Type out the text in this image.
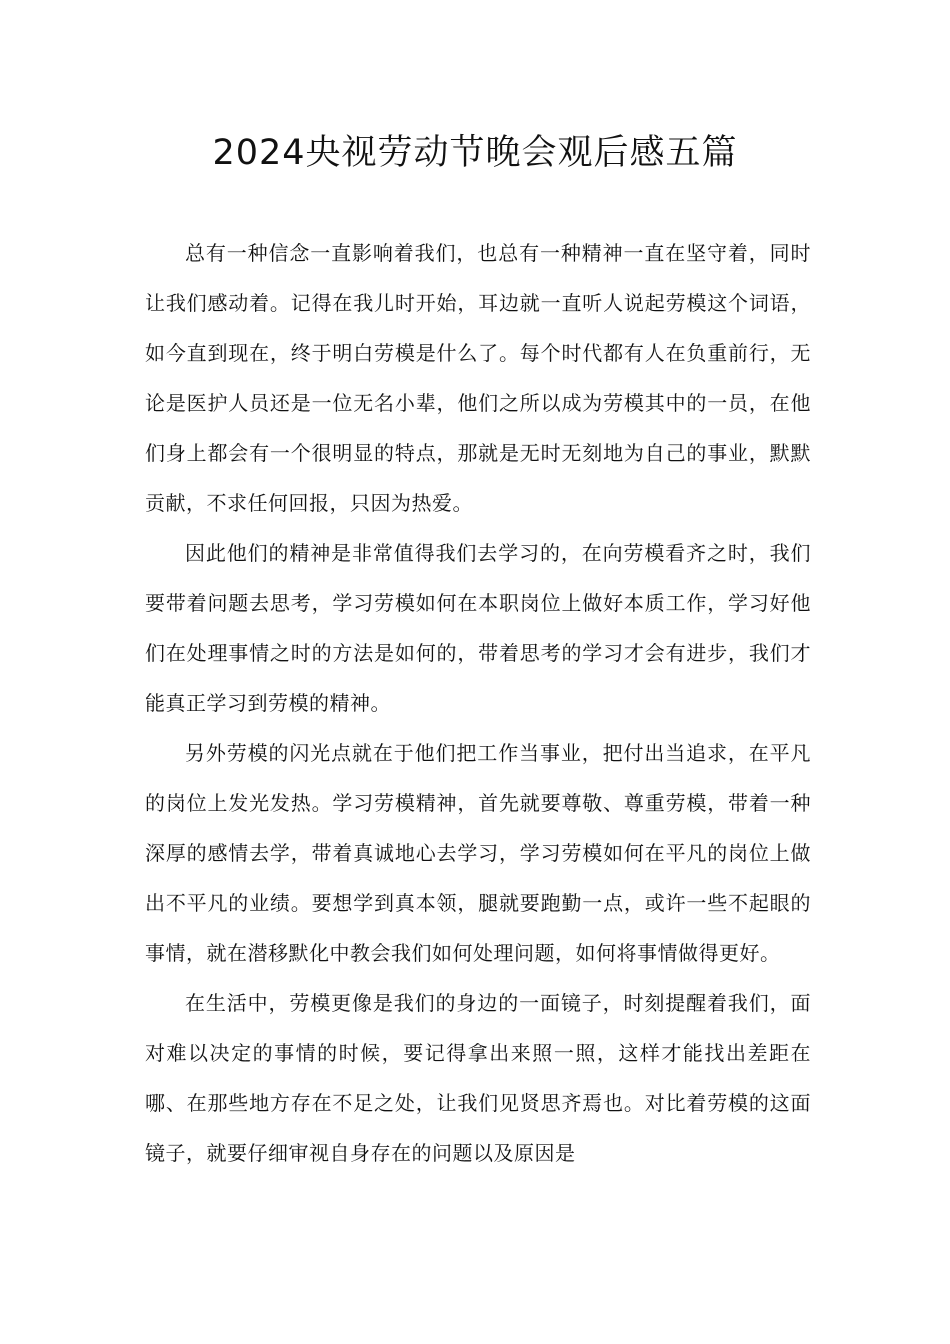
2024央视劳动节晚会观后感五篇

总有一种信念一直影响着我们，也总有一种精神一直在坚守着，同时让我们感动着。记得在我儿时开始，耳边就一直听人说起劳模这个词语，如今直到现在，终于明白劳模是什么了。每个时代都有人在负重前行，无论是医护人员还是一位无名小辈，他们之所以成为劳模其中的一员，在他们身上都会有一个很明显的特点，那就是无时无刻地为自己的事业，默默贡献，不求任何回报，只因为热爱。

因此他们的精神是非常值得我们去学习的，在向劳模看齐之时，我们要带着问题去思考，学习劳模如何在本职岗位上做好本质工作，学习好他们在处理事情之时的方法是如何的，带着思考的学习才会有进步，我们才能真正学习到劳模的精神。

另外劳模的闪光点就在于他们把工作当事业，把付出当追求，在平凡的岗位上发光发热。学习劳模精神，首先就要尊敬、尊重劳模，带着一种深厚的感情去学，带着真诚地心去学习，学习劳模如何在平凡的岗位上做出不平凡的业绩。要想学到真本领，腿就要跑勤一点，或许一些不起眼的事情，就在潜移默化中教会我们如何处理问题，如何将事情做得更好。

在生活中，劳模更像是我们的身边的一面镜子，时刻提醒着我们，面对难以决定的事情的时候，要记得拿出来照一照，这样才能找出差距在哪、在那些地方存在不足之处，让我们见贤思齐焉也。对比着劳模的这面镜子，就要仔细审视自身存在的问题以及原因是
